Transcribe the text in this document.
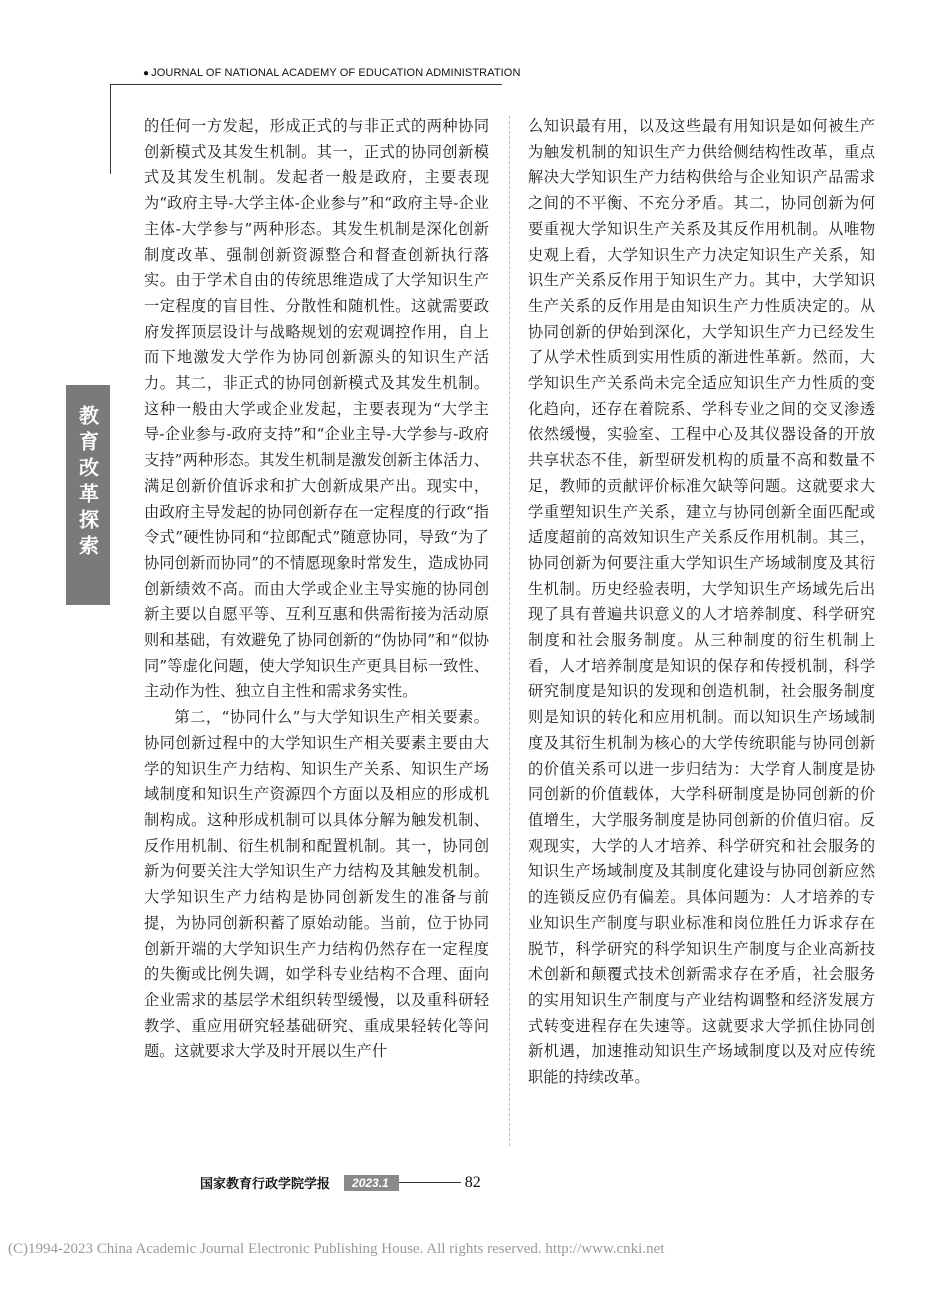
● JOURNAL OF NATIONAL ACADEMY OF EDUCATION ADMINISTRATION
教育改革探索

的任何一方发起，形成正式的与非正式的两种协同创新模式及其发生机制。其一，正式的协同创新模式及其发生机制。发起者一般是政府，主要表现为“政府主导-大学主体-企业参与”和“政府主导-企业主体-大学参与”两种形态。其发生机制是深化创新制度改革、强制创新资源整合和督查创新执行落实。由于学术自由的传统思维造成了大学知识生产一定程度的盲目性、分散性和随机性。这就需要政府发挥顶层设计与战略规划的宏观调控作用，自上而下地激发大学作为协同创新源头的知识生产活力。其二，非正式的协同创新模式及其发生机制。这种一般由大学或企业发起，主要表现为“大学主导-企业参与-政府支持”和“企业主导-大学参与-政府支持”两种形态。其发生机制是激发创新主体活力、满足创新价值诉求和扩大创新成果产出。现实中，由政府主导发起的协同创新存在一定程度的行政“指令式”硬性协同和“拉郎配式”随意协同，导致“为了协同创新而协同”的不情愿现象时常发生，造成协同创新绩效不高。而由大学或企业主导实施的协同创新主要以自愿平等、互利互惠和供需衔接为活动原则和基础，有效避免了协同创新的“伪协同”和“似协同”等虚化问题，使大学知识生产更具目标一致性、主动作为性、独立自主性和需求务实性。

第二，“协同什么”与大学知识生产相关要素。协同创新过程中的大学知识生产相关要素主要由大学的知识生产力结构、知识生产关系、知识生产场域制度和知识生产资源四个方面以及相应的形成机制构成。这种形成机制可以具体分解为触发机制、反作用机制、衍生机制和配置机制。其一，协同创新为何要关注大学知识生产力结构及其触发机制。大学知识生产力结构是协同创新发生的准备与前提，为协同创新积蓄了原始动能。当前，位于协同创新开端的大学知识生产力结构仍然存在一定程度的失衡或比例失调，如学科专业结构不合理、面向企业需求的基层学术组织转型缓慢，以及重科研轻教学、重应用研究轻基础研究、重成果轻转化等问题。这就要求大学及时开展以生产什

么知识最有用，以及这些最有用知识是如何被生产为触发机制的知识生产力供给侧结构性改革，重点解决大学知识生产力结构供给与企业知识产品需求之间的不平衡、不充分矛盾。其二，协同创新为何要重视大学知识生产关系及其反作用机制。从唯物史观上看，大学知识生产力决定知识生产关系，知识生产关系反作用于知识生产力。其中，大学知识生产关系的反作用是由知识生产力性质决定的。从协同创新的伊始到深化，大学知识生产力已经发生了从学术性质到实用性质的渐进性革新。然而，大学知识生产关系尚未完全适应知识生产力性质的变化趋向，还存在着院系、学科专业之间的交叉渗透依然缓慢，实验室、工程中心及其仪器设备的开放共享状态不佳，新型研发机构的质量不高和数量不足，教师的贡献评价标准欠缺等问题。这就要求大学重塑知识生产关系，建立与协同创新全面匹配或适度超前的高效知识生产关系反作用机制。其三，协同创新为何要注重大学知识生产场域制度及其衍生机制。历史经验表明，大学知识生产场域先后出现了具有普遍共识意义的人才培养制度、科学研究制度和社会服务制度。从三种制度的衍生机制上看，人才培养制度是知识的保存和传授机制，科学研究制度是知识的发现和创造机制，社会服务制度则是知识的转化和应用机制。而以知识生产场域制度及其衍生机制为核心的大学传统职能与协同创新的价值关系可以进一步归结为：大学育人制度是协同创新的价值载体，大学科研制度是协同创新的价值增生，大学服务制度是协同创新的价值归宿。反观现实，大学的人才培养、科学研究和社会服务的知识生产场域制度及其制度化建设与协同创新应然的连锁反应仍有偏差。具体问题为：人才培养的专业知识生产制度与职业标准和岗位胜任力诉求存在脱节，科学研究的科学知识生产制度与企业高新技术创新和颠覆式技术创新需求存在矛盾，社会服务的实用知识生产制度与产业结构调整和经济发展方式转变进程存在失速等。这就要求大学抓住协同创新机遇，加速推动知识生产场域制度以及对应传统职能的持续改革。

国家教育行政学院学报	2023.1	82
(C)1994-2023 China Academic Journal Electronic Publishing House. All rights reserved. http://www.cnki.net
